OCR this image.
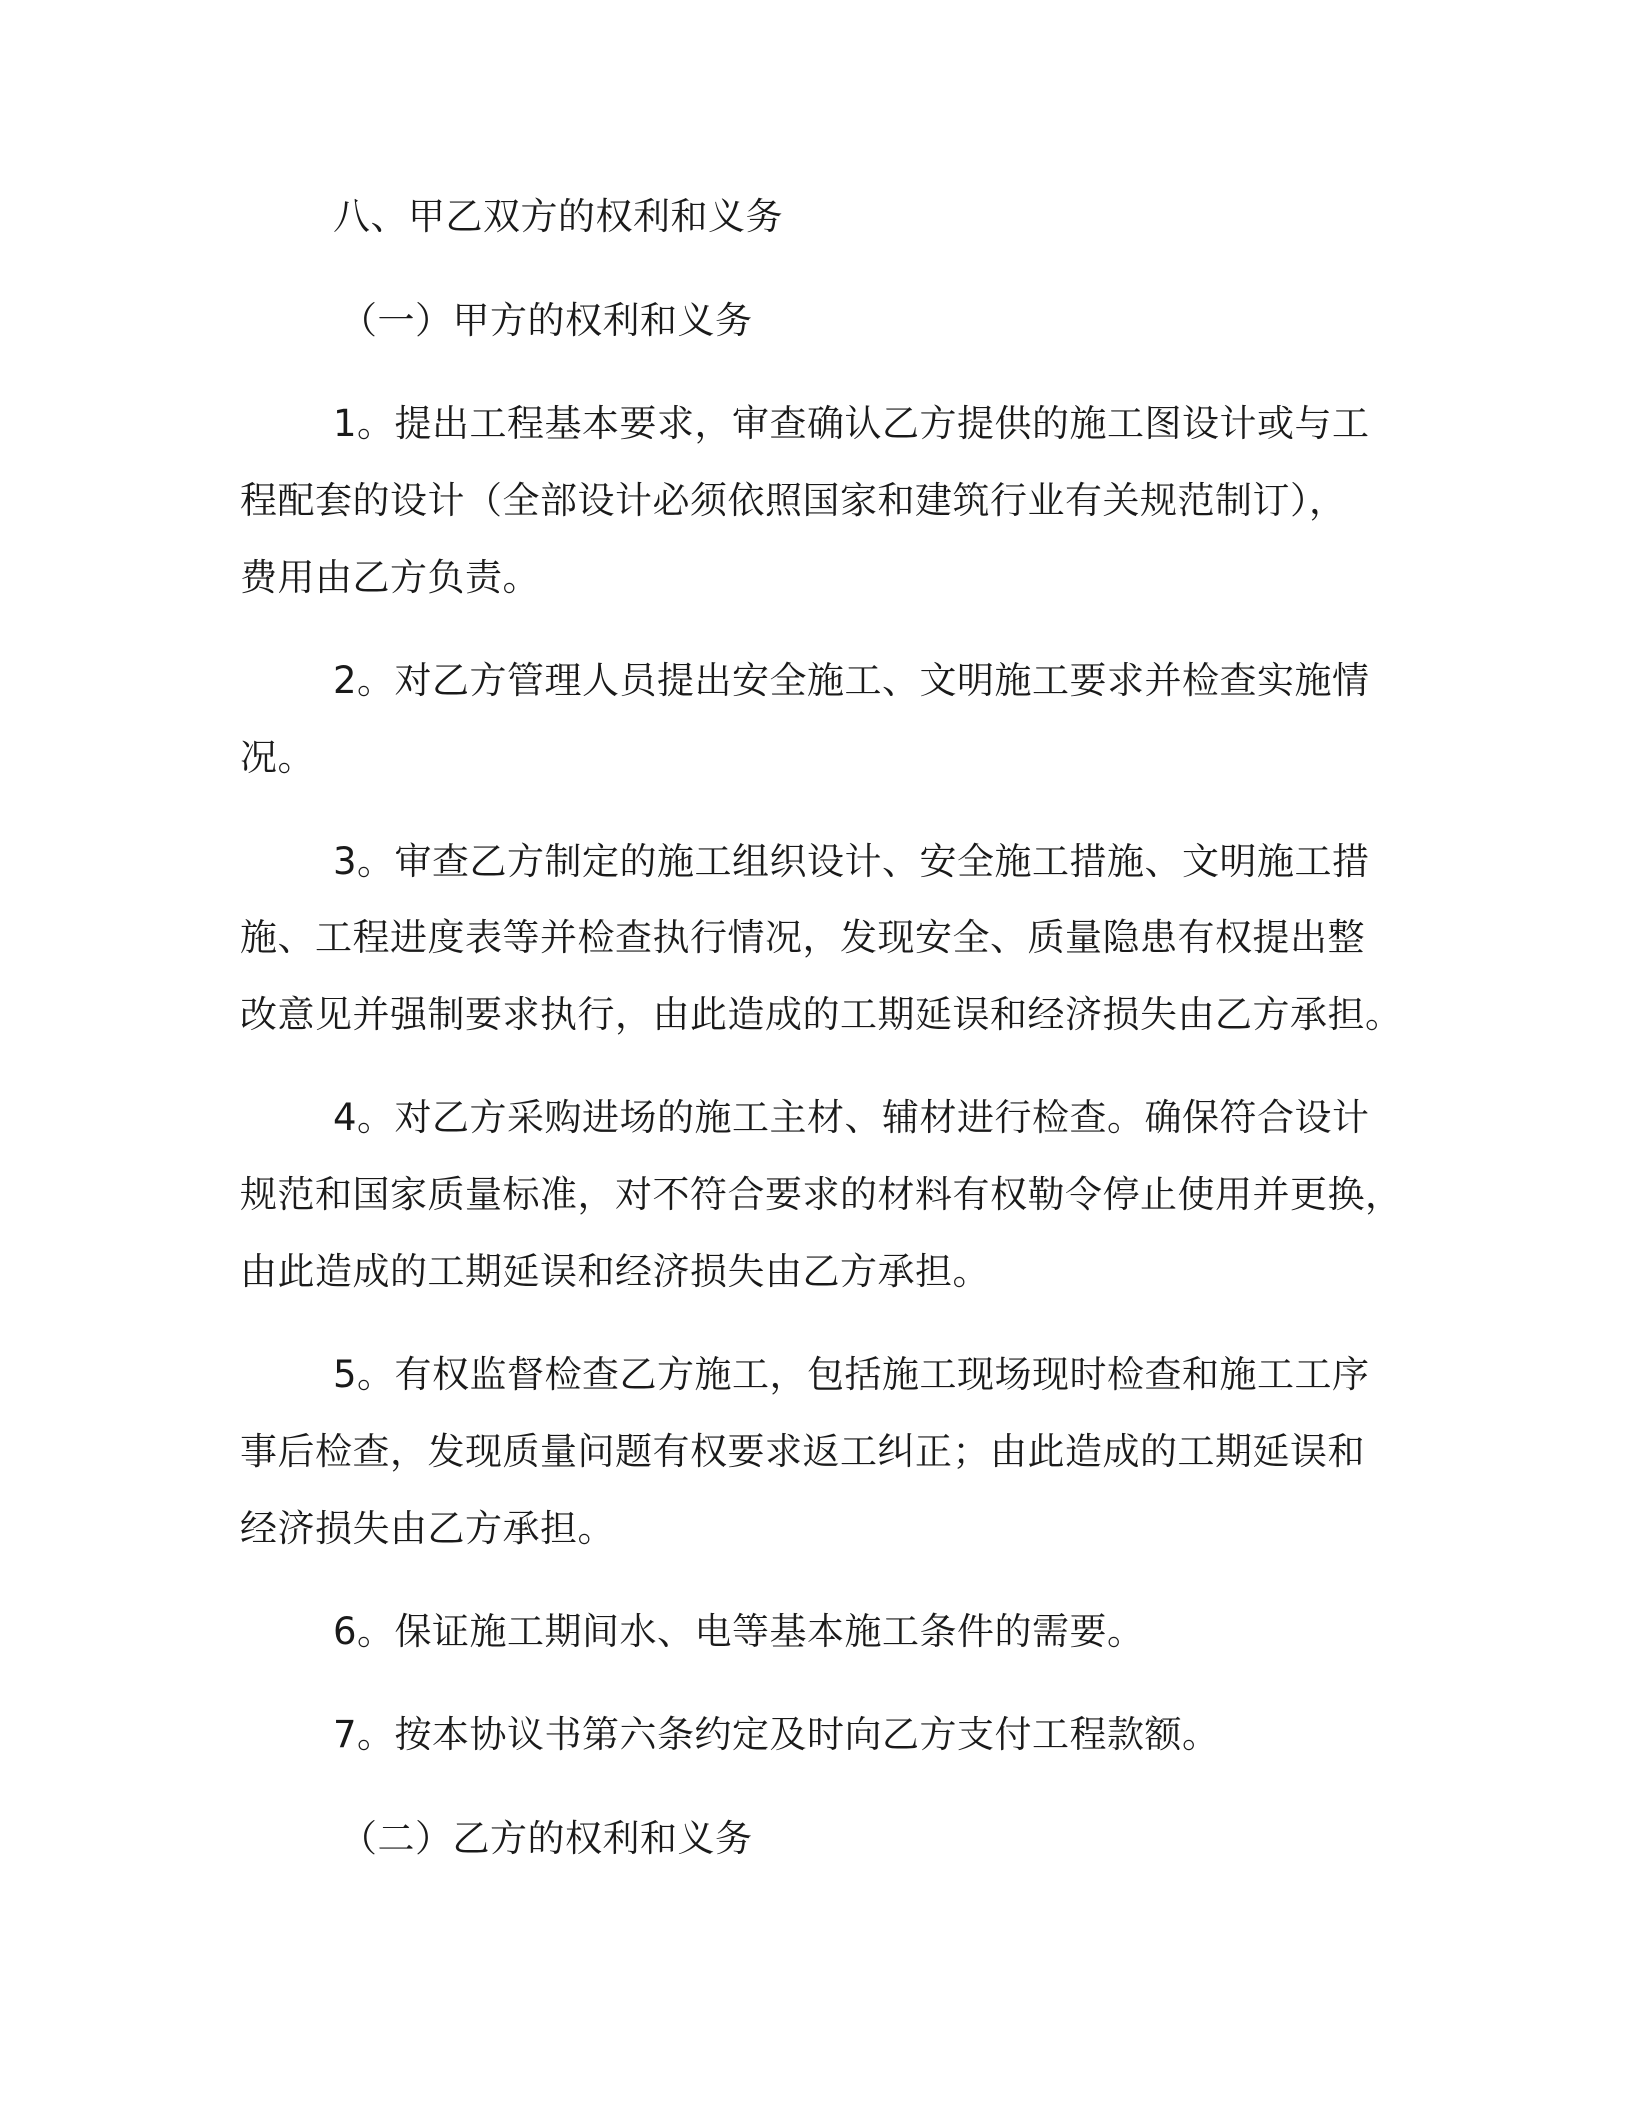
八、甲乙双方的权利和义务
（一）甲方的权利和义务
1。提出工程基本要求，审查确认乙方提供的施工图设计或与工
程配套的设计（全部设计必须依照国家和建筑行业有关规范制订），
费用由乙方负责。
2。对乙方管理人员提出安全施工、文明施工要求并检查实施情
况。
3。审查乙方制定的施工组织设计、安全施工措施、文明施工措
施、工程进度表等并检查执行情况，发现安全、质量隐患有权提出整
改意见并强制要求执行，由此造成的工期延误和经济损失由乙方承担。
4。对乙方采购进场的施工主材、辅材进行检查。确保符合设计
规范和国家质量标准，对不符合要求的材料有权勒令停止使用并更换，
由此造成的工期延误和经济损失由乙方承担。
5。有权监督检查乙方施工，包括施工现场现时检查和施工工序
事后检查，发现质量问题有权要求返工纠正；由此造成的工期延误和
经济损失由乙方承担。
6。保证施工期间水、电等基本施工条件的需要。
7。按本协议书第六条约定及时向乙方支付工程款额。
（二）乙方的权利和义务
